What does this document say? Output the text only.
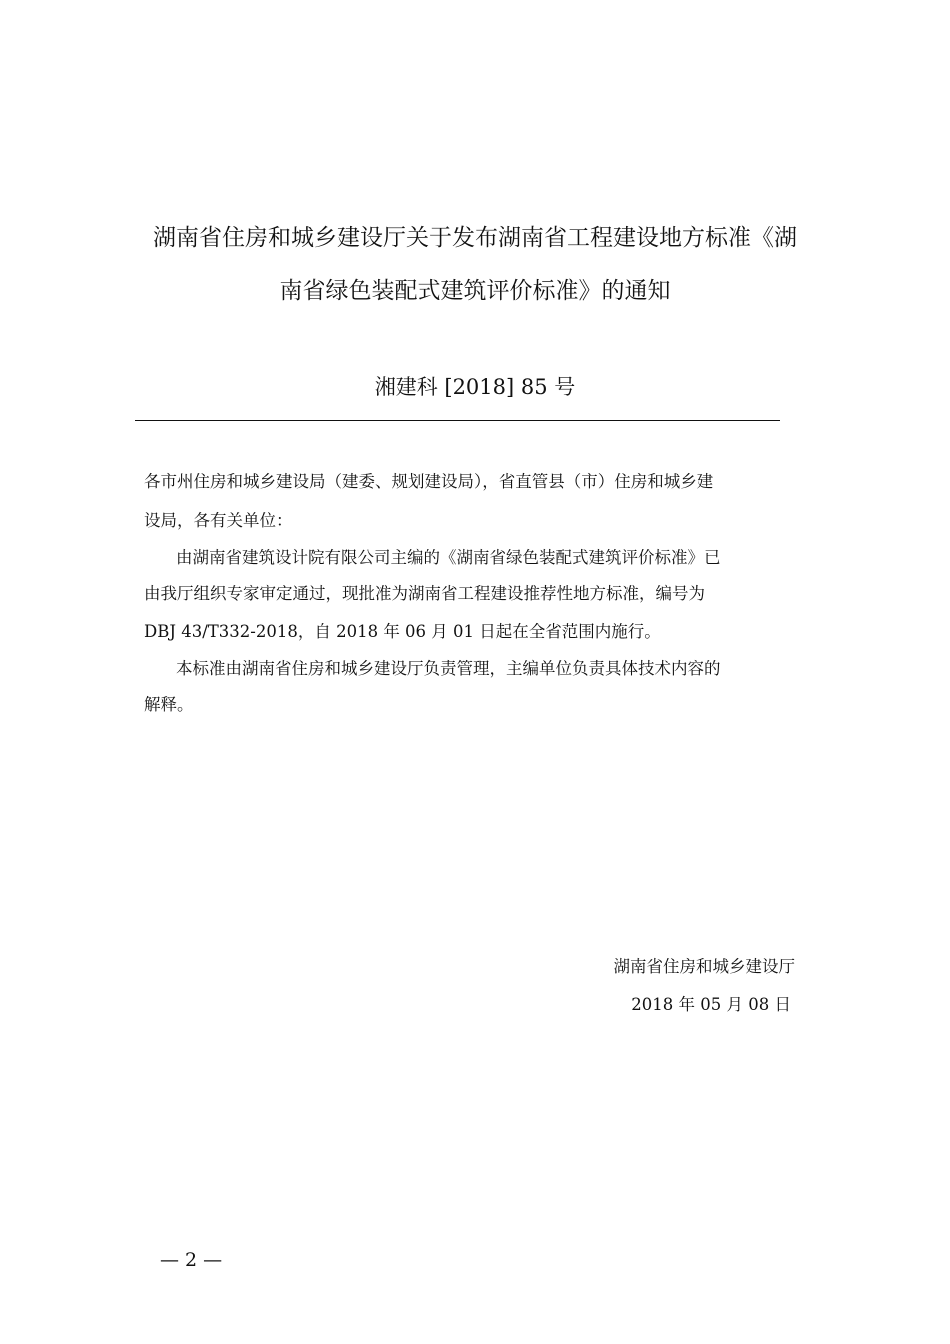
湖南省住房和城乡建设厅关于发布湖南省工程建设地方标准《湖
南省绿色装配式建筑评价标准》的通知
湘建科 [2018] 85 号
各市州住房和城乡建设局（建委、规划建设局），省直管县（市）住房和城乡建
设局，各有关单位：
由湖南省建筑设计院有限公司主编的《湖南省绿色装配式建筑评价标准》已
由我厅组织专家审定通过，现批准为湖南省工程建设推荐性地方标准，编号为
DBJ 43/T332-2018，自 2018 年 06 月 01 日起在全省范围内施行。
本标准由湖南省住房和城乡建设厅负责管理，主编单位负责具体技术内容的
解释。
湖南省住房和城乡建设厅
2018 年 05 月 08 日
— 2 —
